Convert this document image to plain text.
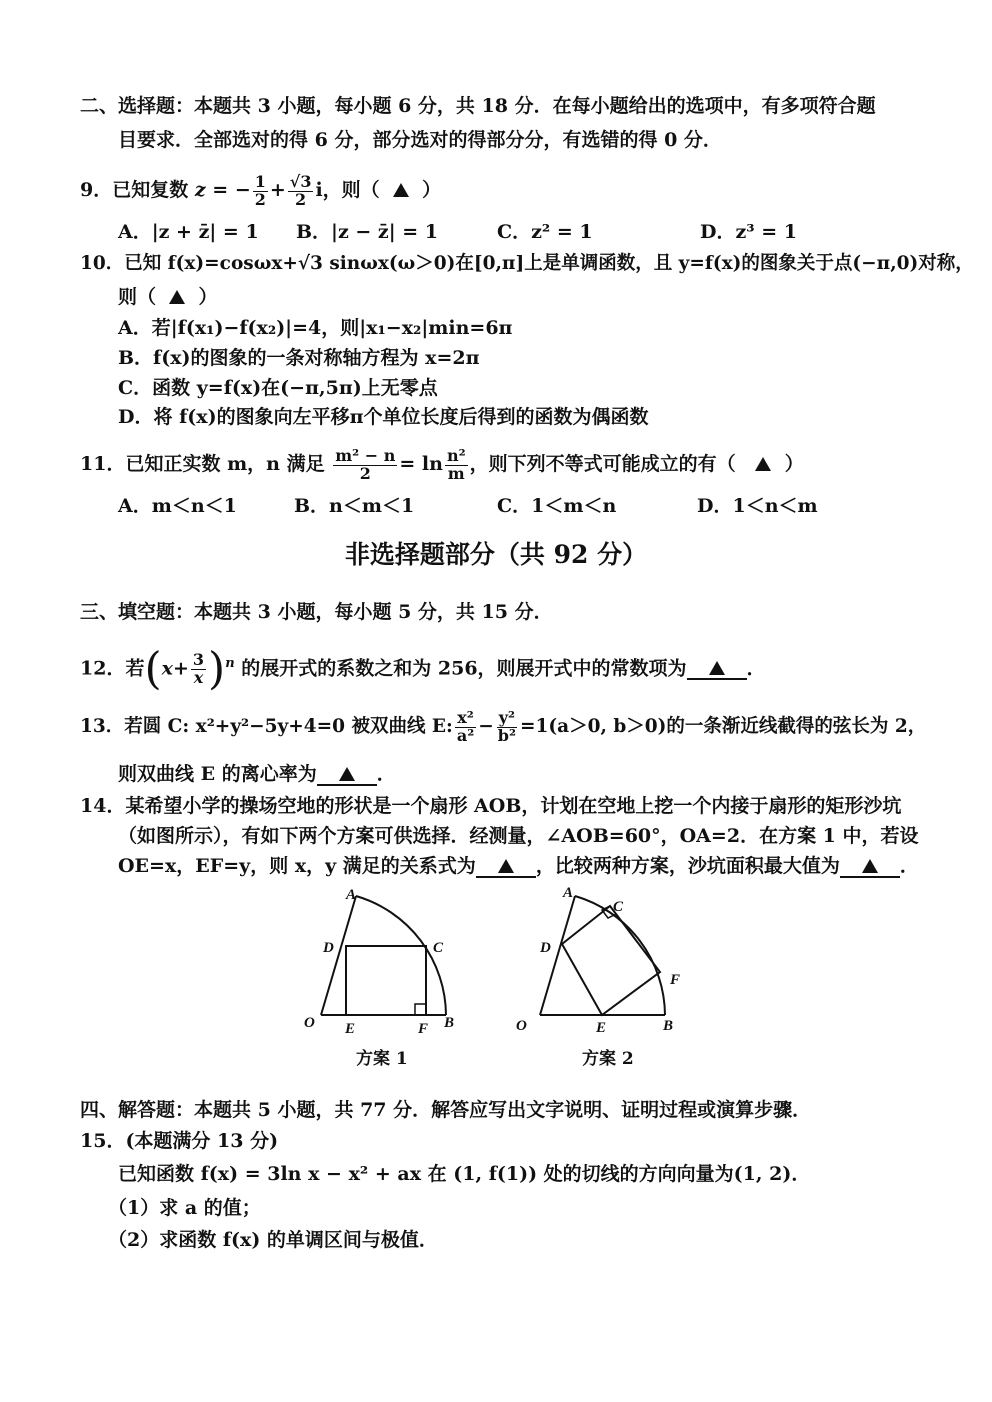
二、选择题：本题共 3 小题，每小题 6 分，共 18 分．在每小题给出的选项中，有多项符合题
目要求．全部选对的得 6 分，部分选对的得部分分，有选错的得 0 分．
9．已知复数 z = − $\frac{1}{2} + \frac{√3}{2}$ i，则（ ）
A．|z + z̄| = 1 B．|z − z̄| = 1	C．z² = 1	D．z³ = 1
10．已知 f(x)=cosωx+√3 sinωx(ω＞0)在[0,π]上是单调函数，且 y=f(x)的图象关于点(−π,0)对称，
则（ ）
A．若|f(x₁)−f(x₂)|=4，则|x₁−x₂|min=6π
B．f(x)的图象的一条对称轴方程为 x=2π
C．函数 y=f(x)在(−π,5π)上无零点
D．将 f(x)的图象向左平移π个单位长度后得到的函数为偶函数
11．已知正实数 m，n 满足 $\frac{\text{m² − n}}{2} = \ln \frac{\text{n²}}{m}$ ，则下列不等式可能成立的有（	）
A．m＜n＜1	B．n＜m＜1	C．1＜m＜n	D．1＜n＜m
非选择题部分（共 92 分）
三、填空题：本题共 3 小题，每小题 5 分，共 15 分．
12．若$(x+ \frac{3}{x} )^n$ 的展开式的系数之和为 256，则展开式中的常数项为	．
13．若圆 C: x²+y²−5y+4=0 被双曲线 E: $\frac{\text{x²}}{\text{a²}} - \frac{\text{y²}}{\text{b²}} =1(a>0$, b＞0)的一条渐近线截得的弦长为 2，
则双曲线 E 的离心率为	．
14．某希望小学的操场空地的形状是一个扇形 AOB，计划在空地上挖一个内接于扇形的矩形沙坑
（如图所示），有如下两个方案可供选择．经测量，∠AOB=60°，OA=2．在方案 1 中，若设
OE=x，EF=y，则 x，y 满足的关系式为	，比较两种方案，沙坑面积最大值为	．
A
D	C
O E	F B
方案 1
A
C
D
F
O	E	B
方案 2
四、解答题：本题共 5 小题，共 77 分．解答应写出文字说明、证明过程或演算步骤．
15．(本题满分 13 分)
已知函数 f(x) = 3ln x − x² + ax 在 (1, f(1)) 处的切线的方向向量为(1, 2)．
（1）求 a 的值；
（2）求函数 f(x) 的单调区间与极值．
